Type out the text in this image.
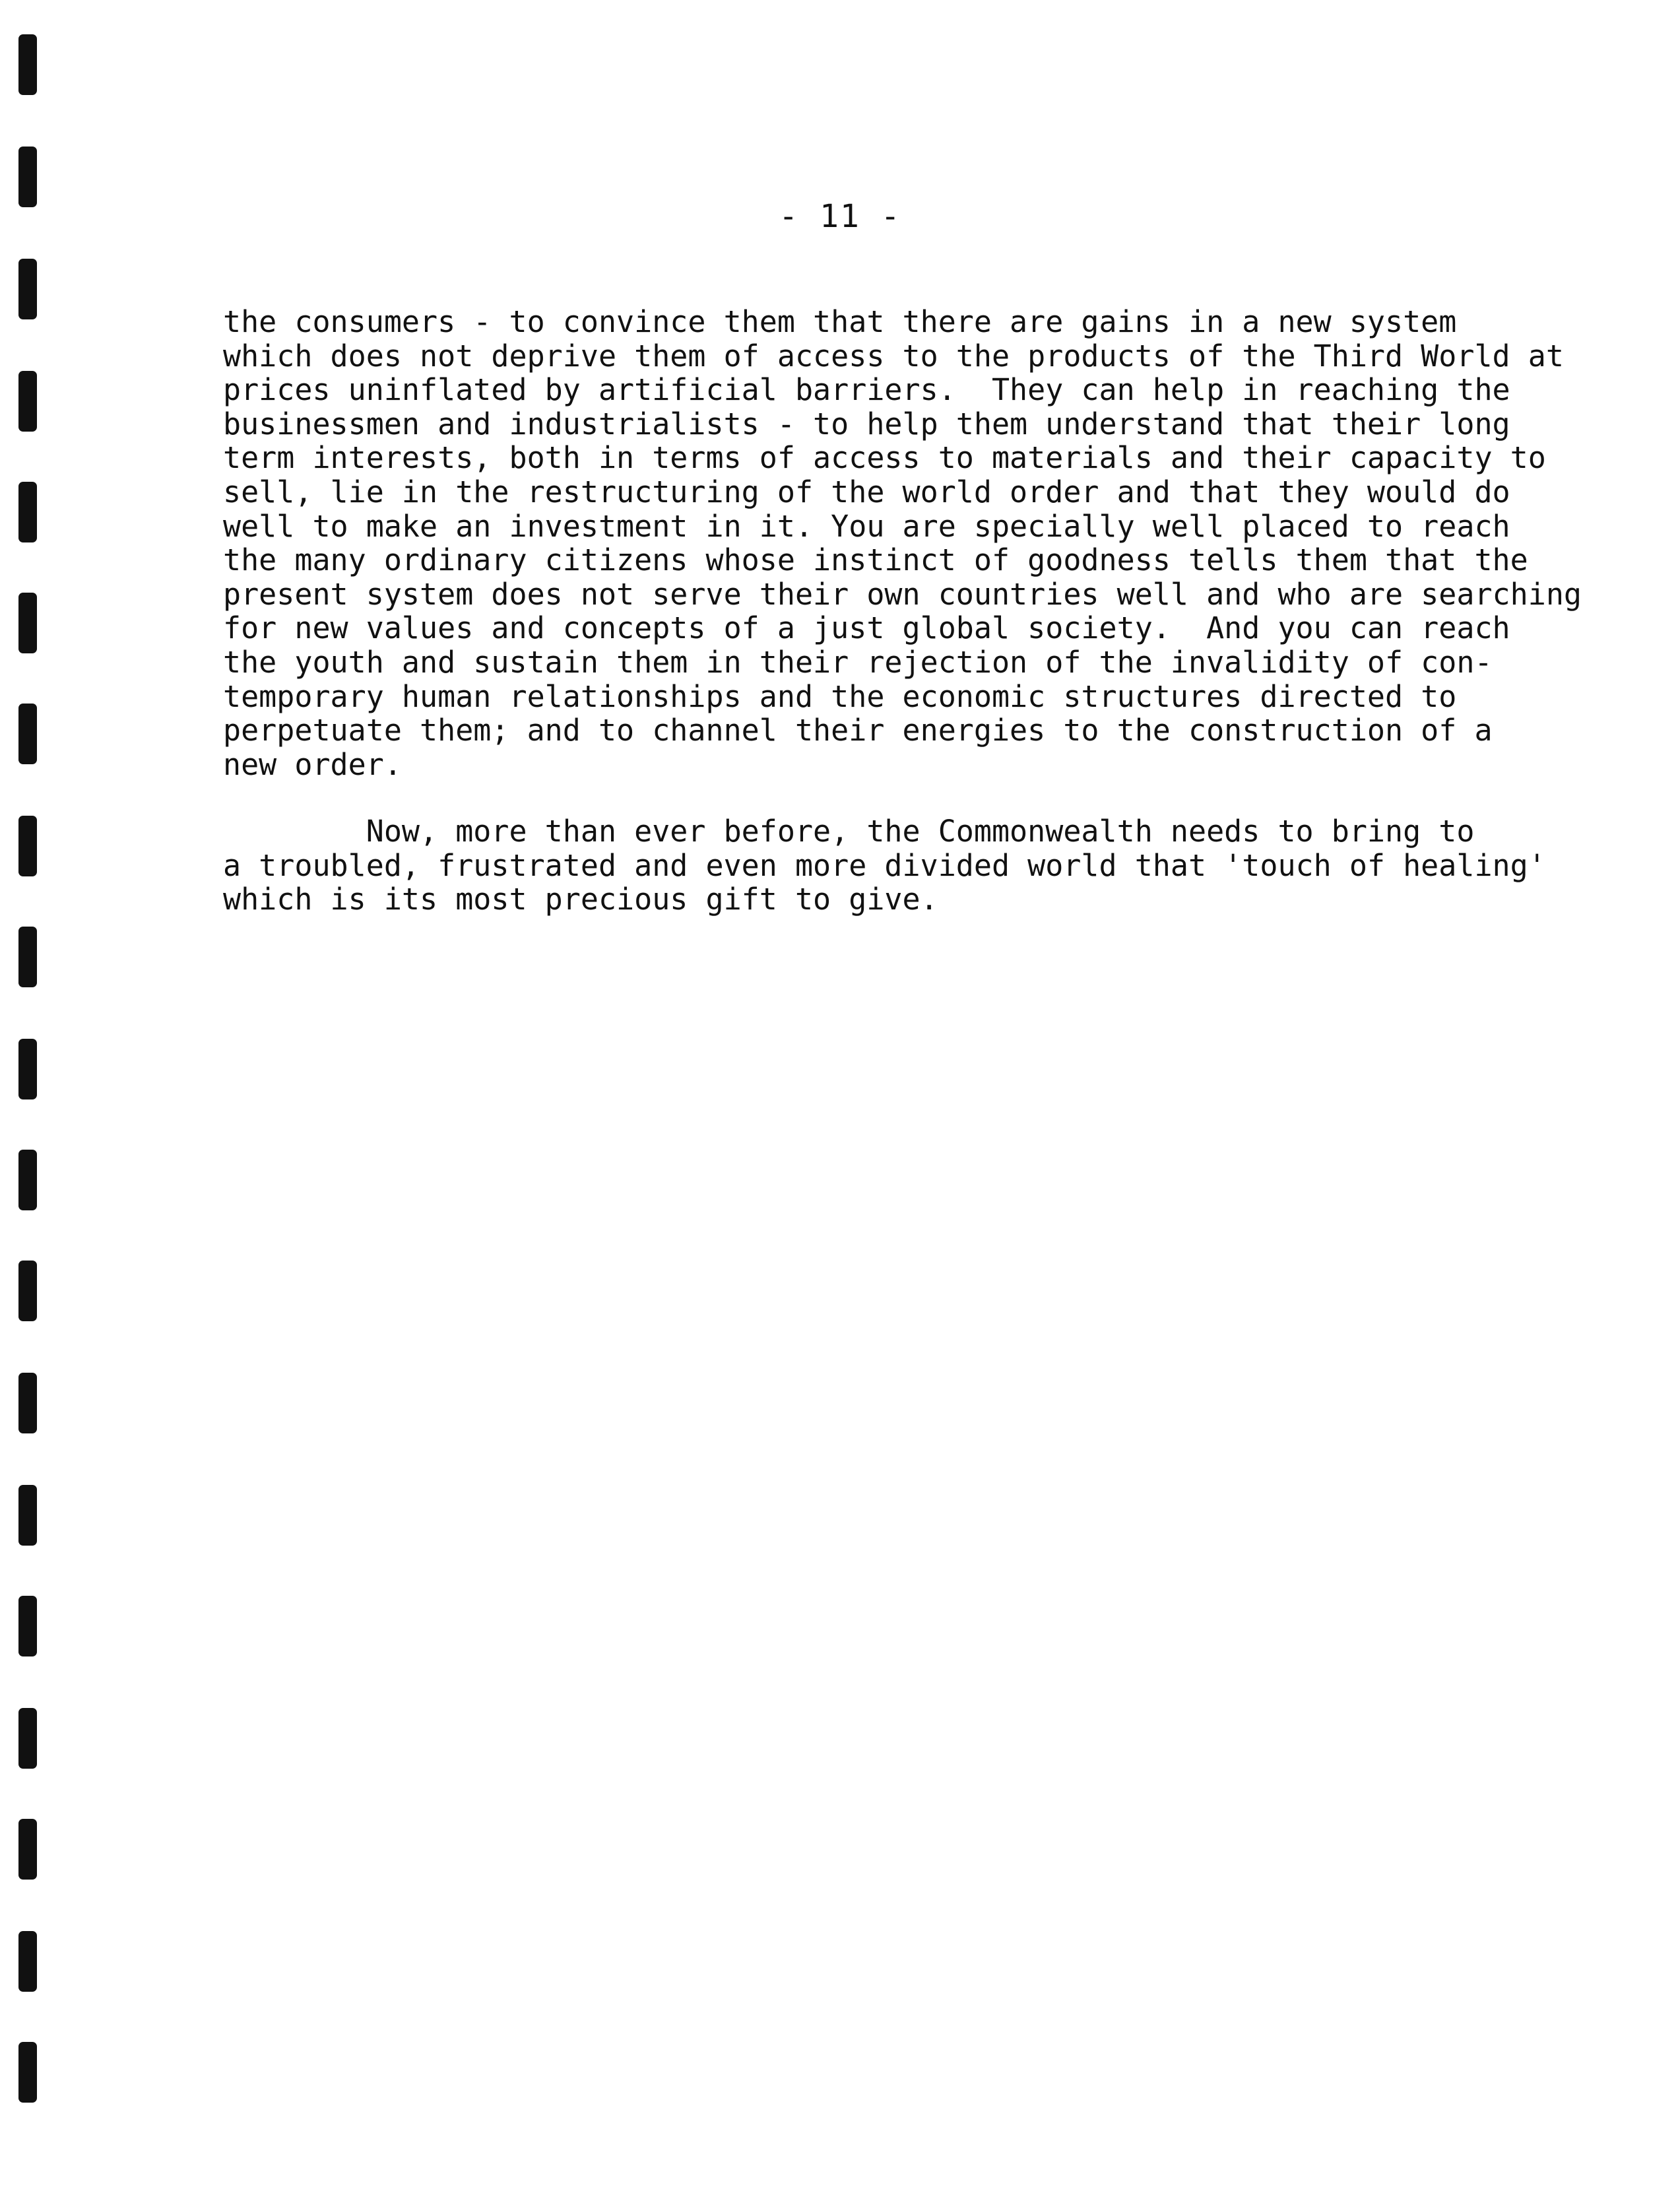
- 11 -

the consumers - to convince them that there are gains in a new system
which does not deprive them of access to the products of the Third World at
prices uninflated by artificial barriers.  They can help in reaching the
businessmen and industrialists - to help them understand that their long
term interests, both in terms of access to materials and their capacity to
sell, lie in the restructuring of the world order and that they would do
well to make an investment in it. You are specially well placed to reach
the many ordinary citizens whose instinct of goodness tells them that the
present system does not serve their own countries well and who are searching
for new values and concepts of a just global society.  And you can reach
the youth and sustain them in their rejection of the invalidity of con-
temporary human relationships and the economic structures directed to
perpetuate them; and to channel their energies to the construction of a
new order.

Now, more than ever before, the Commonwealth needs to bring to
a troubled, frustrated and even more divided world that 'touch of healing'
which is its most precious gift to give.
